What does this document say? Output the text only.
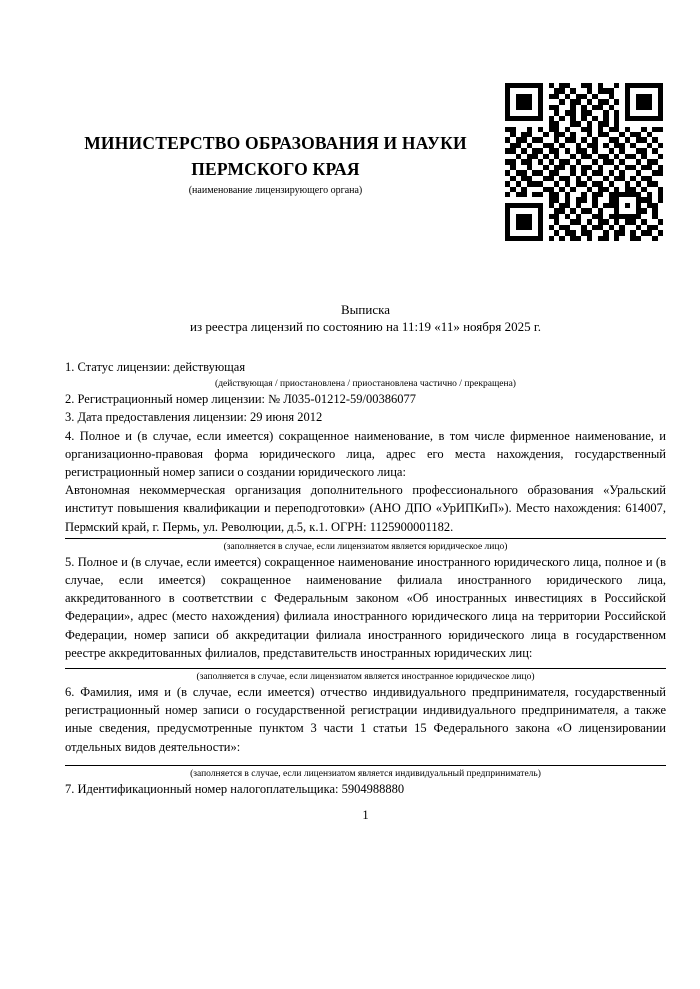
МИНИСТЕРСТВО ОБРАЗОВАНИЯ И НАУКИ ПЕРМСКОГО КРАЯ

(наименование лицензирующего органа)

Выписка

из реестра лицензий по состоянию на 11:19 «11» ноября 2025 г.

1. Статус лицензии: действующая

(действующая / приостановлена / приостановлена частично / прекращена)

2. Регистрационный номер лицензии: № Л035-01212-59/00386077

3. Дата предоставления лицензии: 29 июня 2012

4. Полное и (в случае, если имеется) сокращенное наименование, в том числе фирменное наименование, и организационно-правовая форма юридического лица, адрес его места нахождения, государственный регистрационный номер записи о создании юридического лица:

Автономная некоммерческая организация дополнительного профессионального образования «Уральский институт повышения квалификации и переподготовки» (АНО ДПО «УрИПКиП»). Место нахождения: 614007, Пермский край, г. Пермь, ул. Революции, д.5, к.1. ОГРН: 1125900001182.

(заполняется в случае, если лицензиатом является юридическое лицо)

5. Полное и (в случае, если имеется) сокращенное наименование иностранного юридического лица, полное и (в случае, если имеется) сокращенное наименование филиала иностранного юридического лица, аккредитованного в соответствии с Федеральным законом «Об иностранных инвестициях в Российской Федерации», адрес (место нахождения) филиала иностранного юридического лица на территории Российской Федерации, номер записи об аккредитации филиала иностранного юридического лица в государственном реестре аккредитованных филиалов, представительств иностранных юридических лиц:

(заполняется в случае, если лицензиатом является иностранное юридическое лицо)

6. Фамилия, имя и (в случае, если имеется) отчество индивидуального предпринимателя, государственный регистрационный номер записи о государственной регистрации индивидуального предпринимателя, а также иные сведения, предусмотренные пунктом 3 части 1 статьи 15 Федерального закона «О лицензировании отдельных видов деятельности»:

(заполняется в случае, если лицензиатом является индивидуальный предприниматель)

7. Идентификационный номер налогоплательщика: 5904988880

1
